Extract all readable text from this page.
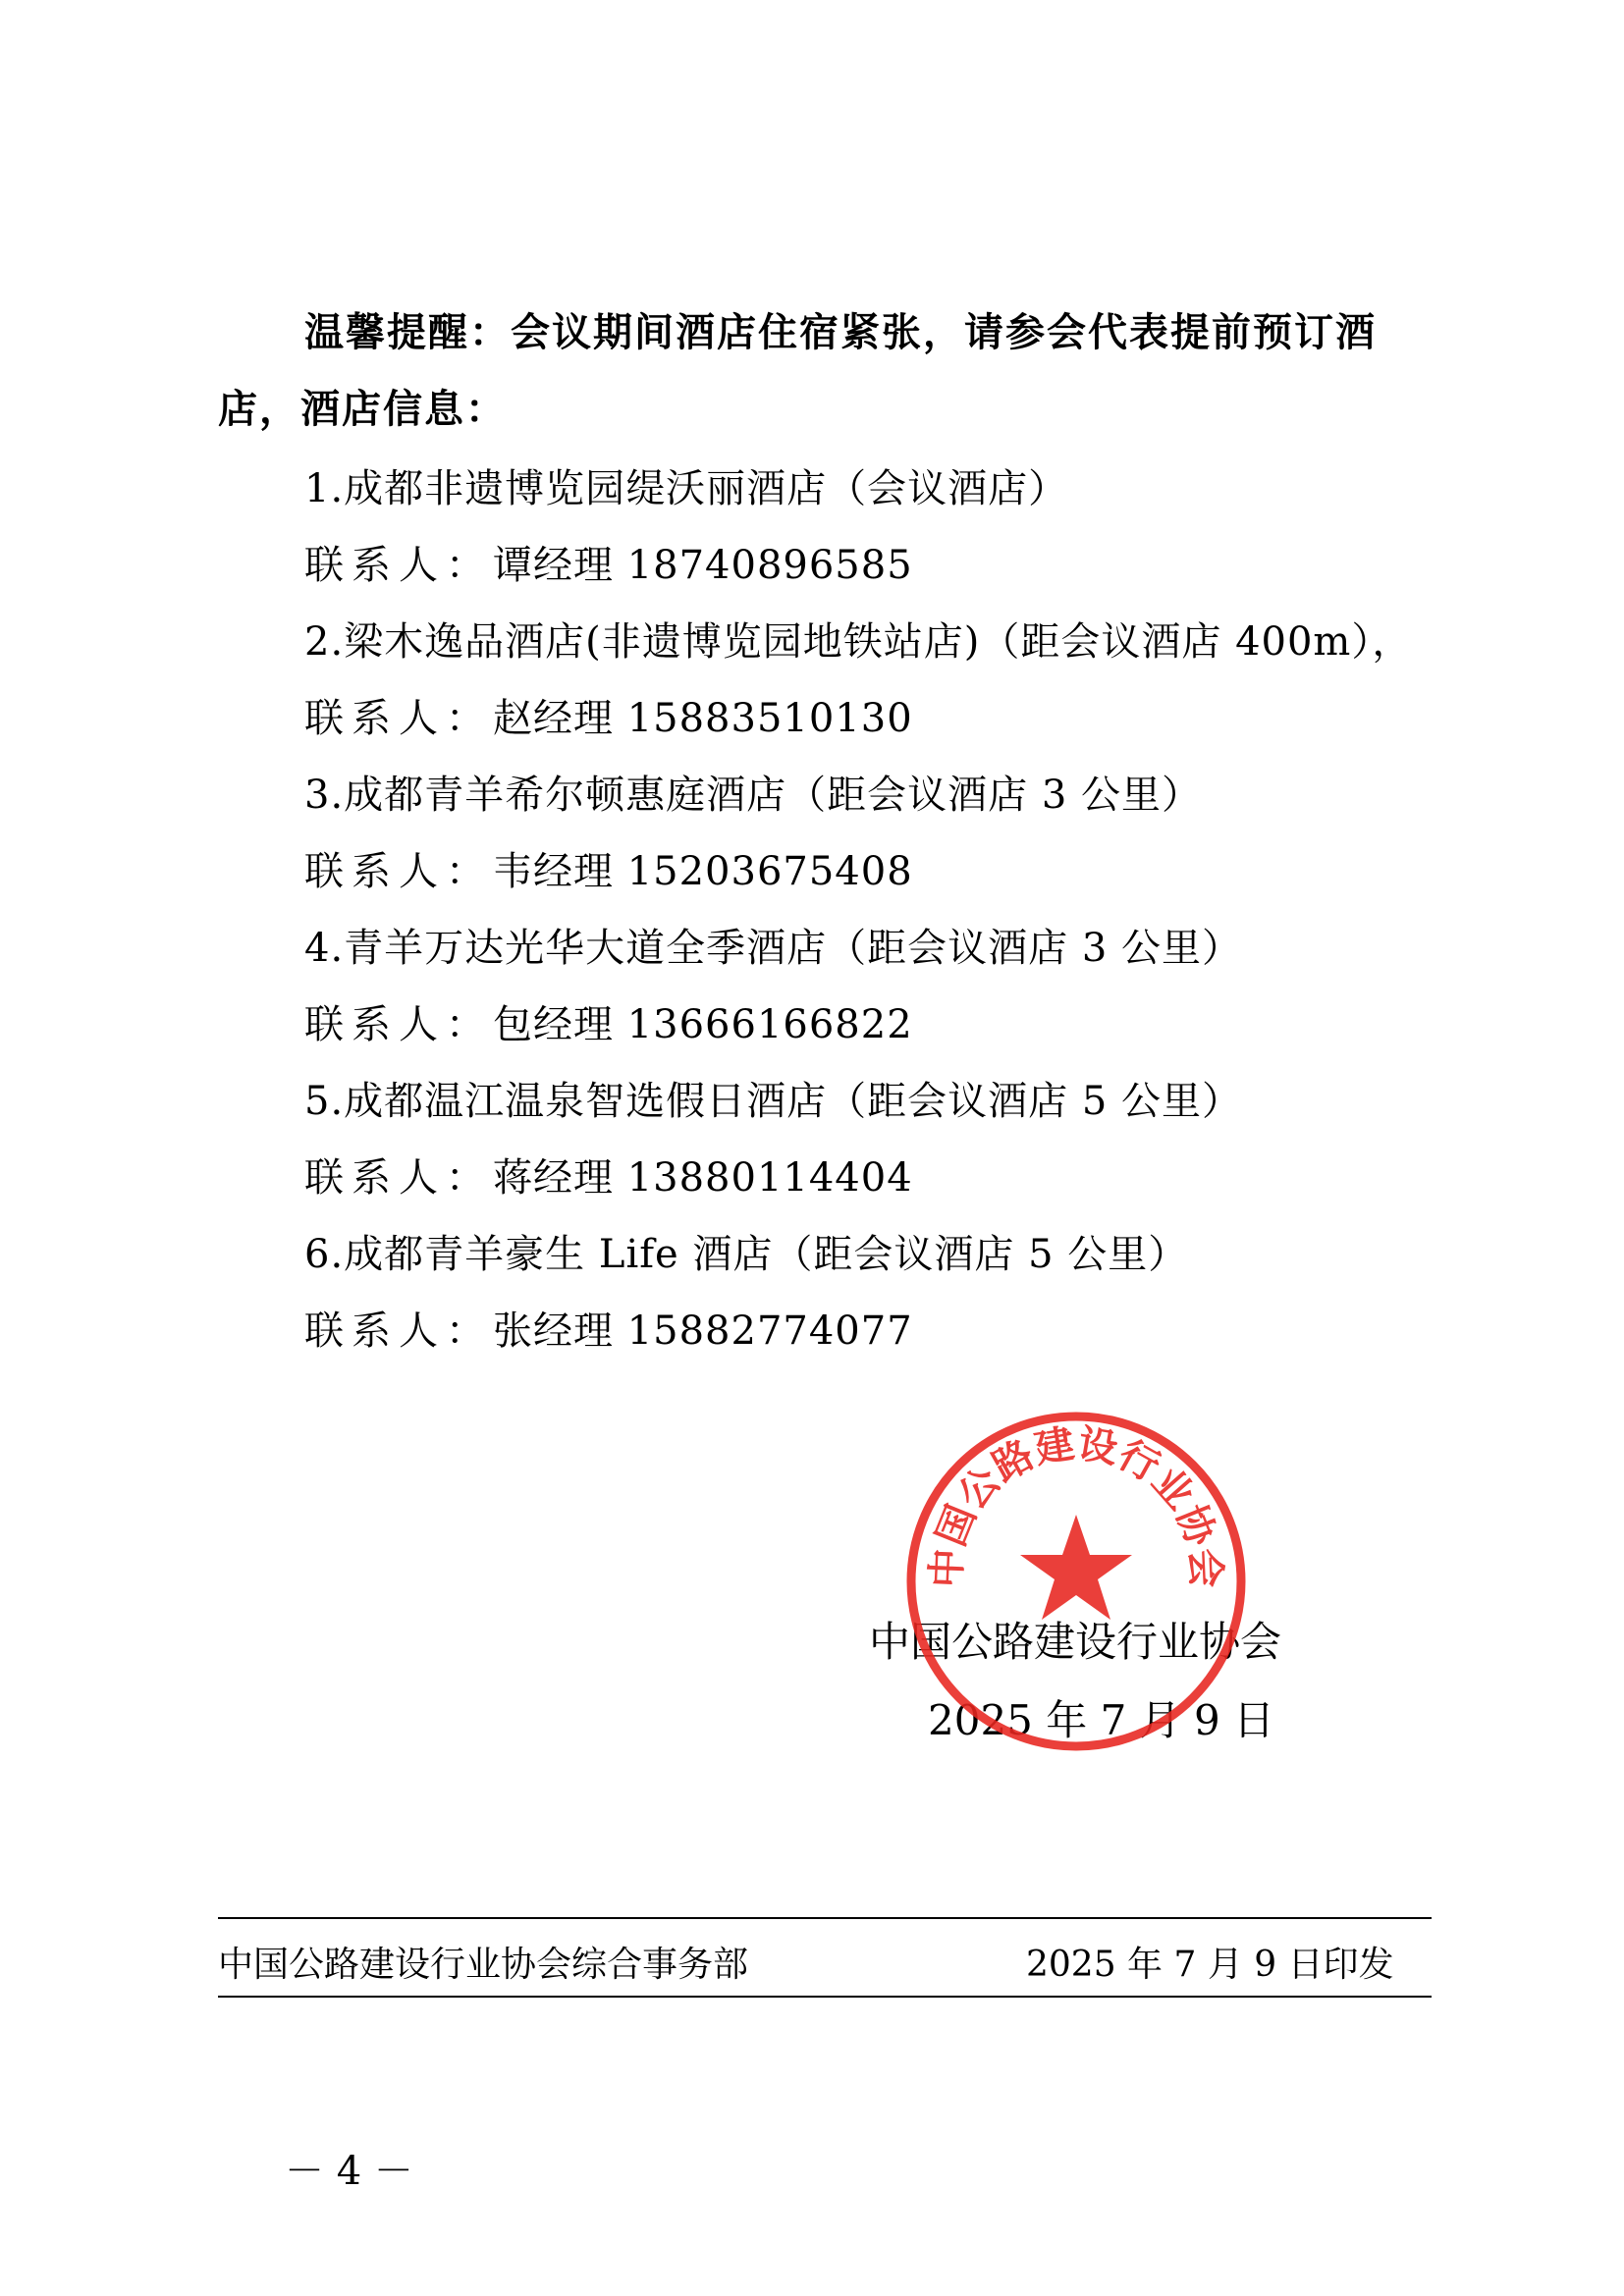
温馨提醒：会议期间酒店住宿紧张，请参会代表提前预订酒

店，酒店信息：

1.成都非遗博览园缇沃丽酒店（会议酒店）
联系人：谭经理 18740896585
2.梁木逸品酒店(非遗博览园地铁站店)（距会议酒店 400m），
联系人：赵经理 15883510130
3.成都青羊希尔顿惠庭酒店（距会议酒店 3 公里）
联系人：韦经理 15203675408
4.青羊万达光华大道全季酒店（距会议酒店 3 公里）
联系人：包经理 13666166822
5.成都温江温泉智选假日酒店（距会议酒店 5 公里）
联系人：蒋经理 13880114404
6.成都青羊豪生 Life 酒店（距会议酒店 5 公里）
联系人：张经理 15882774077
中国公路建设行业协会
2025 年 7 月 9 日
中国公路建设行业协会
中国公路建设行业协会综合事务部	2025 年 7 月 9 日印发
－ 4 －
